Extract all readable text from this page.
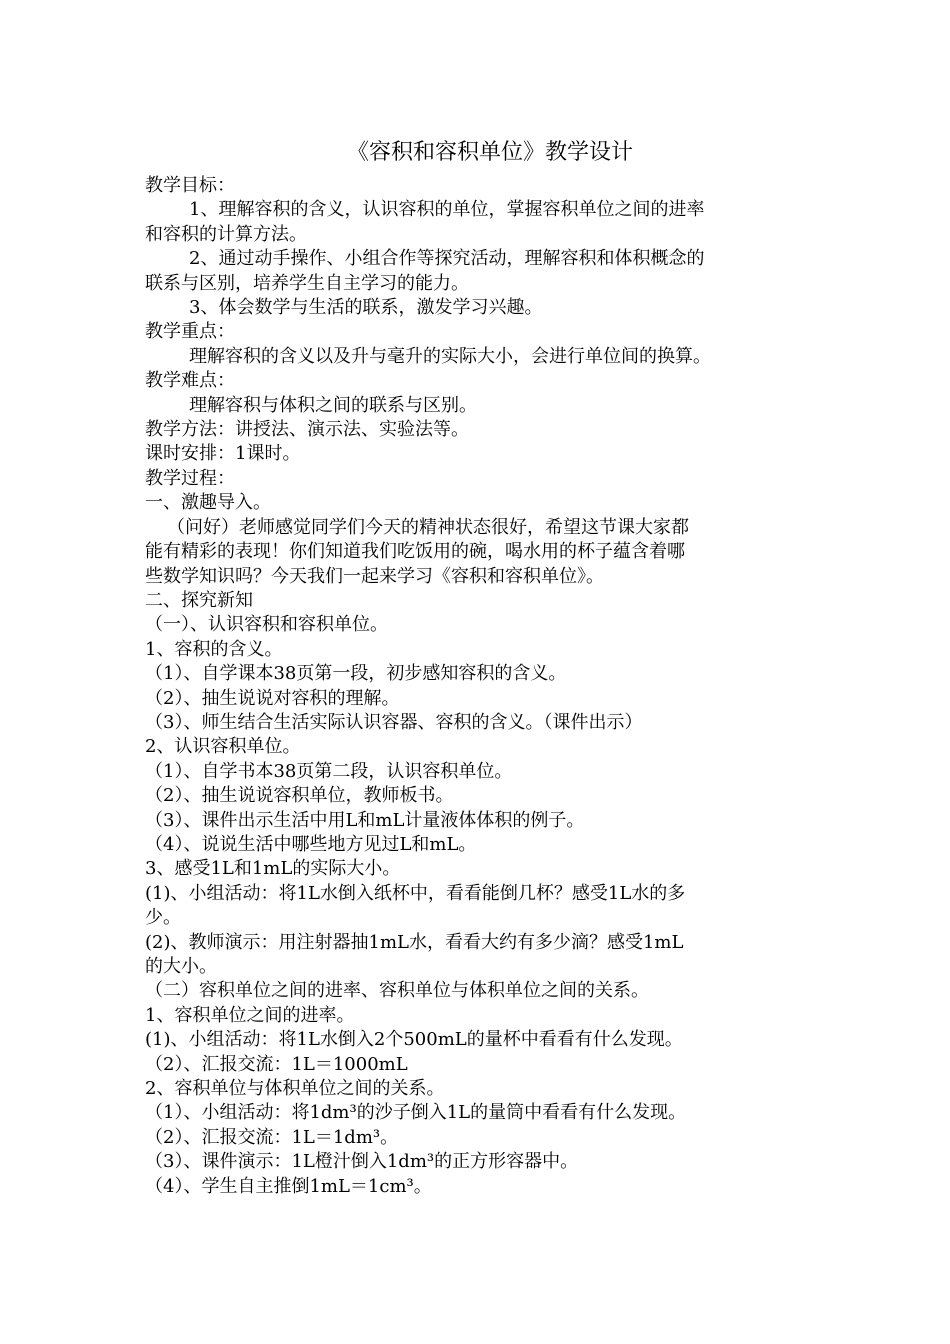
《容积和容积单位》教学设计
教学目标：
1、理解容积的含义，认识容积的单位，掌握容积单位之间的进率
和容积的计算方法。
2、通过动手操作、小组合作等探究活动，理解容积和体积概念的
联系与区别，培养学生自主学习的能力。
3、体会数学与生活的联系，激发学习兴趣。
教学重点：
理解容积的含义以及升与毫升的实际大小，会进行单位间的换算。
教学难点：
理解容积与体积之间的联系与区别。
教学方法：讲授法、演示法、实验法等。
课时安排：1课时。
教学过程：
一、激趣导入。
（问好）老师感觉同学们今天的精神状态很好，希望这节课大家都
能有精彩的表现！你们知道我们吃饭用的碗，喝水用的杯子蕴含着哪
些数学知识吗？今天我们一起来学习《容积和容积单位》。
二、探究新知
（一）、认识容积和容积单位。
1、容积的含义。
（1）、自学课本38页第一段，初步感知容积的含义。
（2）、抽生说说对容积的理解。
（3）、师生结合生活实际认识容器、容积的含义。（课件出示）
2、认识容积单位。
（1）、自学书本38页第二段，认识容积单位。
（2）、抽生说说容积单位，教师板书。
（3）、课件出示生活中用L和mL计量液体体积的例子。
（4）、说说生活中哪些地方见过L和mL。
3、感受1L和1mL的实际大小。
(1)、小组活动：将1L水倒入纸杯中，看看能倒几杯？感受1L水的多
少。
(2)、教师演示：用注射器抽1mL水，看看大约有多少滴？感受1mL
的大小。
（二）容积单位之间的进率、容积单位与体积单位之间的关系。
1、容积单位之间的进率。
(1)、小组活动：将1L水倒入2个500mL的量杯中看看有什么发现。
（2）、汇报交流：1L＝1000mL
2、容积单位与体积单位之间的关系。
（1）、小组活动：将1dm³的沙子倒入1L的量筒中看看有什么发现。
（2）、汇报交流：1L＝1dm³。
（3）、课件演示：1L橙汁倒入1dm³的正方形容器中。
（4）、学生自主推倒1mL＝1cm³。
